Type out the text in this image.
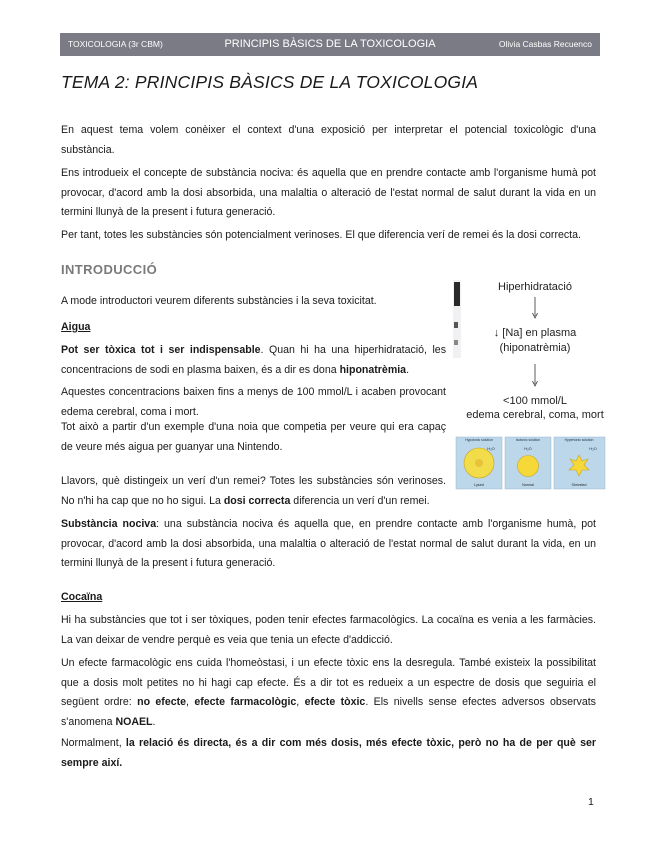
TOXICOLOGIA (3r CBM)	PRINCIPIS BÀSICS DE LA TOXICOLOGIA	Olivia Casbas Recuenco
TEMA 2: PRINCIPIS BÀSICS DE LA TOXICOLOGIA

En aquest tema volem conèixer el context d'una exposició per interpretar el potencial toxicològic d'una substància.

Ens introdueix el concepte de substància nociva: és aquella que en prendre contacte amb l'organisme humà pot provocar, d'acord amb la dosi absorbida, una malaltia o alteració de l'estat normal de salut durant la vida en un termini llunyà de la present i futura generació.

Per tant, totes les substàncies són potencialment verinoses. El que diferencia verí de remei és la dosi correcta.

INTRODUCCIÓ

A mode introductori veurem diferents substàncies i la seva toxicitat.

Aigua

Pot ser tòxica tot i ser indispensable. Quan hi ha una hiperhidratació, les concentracions de sodi en plasma baixen, és a dir es dona hiponatrèmia.

Aquestes concentracions baixen fins a menys de 100 mmol/L i acaben provocant edema cerebral, coma i mort.

Tot això a partir d'un exemple d'una noia que competia per veure qui era capaç de veure més aigua per guanyar una Nintendo.

Llavors, què distingeix un verí d'un remei? Totes les substàncies són verinoses. No n'hi ha cap que no ho sigui. La dosi correcta diferencia un verí d'un remei.

Substància nociva: una substància nociva és aquella que, en prendre contacte amb l'organisme humà, pot provocar, d'acord amb la dosi absorbida, una malaltia o alteració de l'estat normal de salut durant la vida, en un termini llunyà de la present i futura generació.

Cocaïna

Hi ha substàncies que tot i ser tòxiques, poden tenir efectes farmacològics. La cocaïna es venia a les farmàcies. La van deixar de vendre perquè es veia que tenia un efecte d'addicció.

Un efecte farmacològic ens cuida l'homeòstasi, i un efecte tòxic ens la desregula. També existeix la possibilitat que a dosis molt petites no hi hagi cap efecte. És a dir tot es redueix a un espectre de dosis que seguiria el següent ordre: no efecte, efecte farmacològic, efecte tòxic. Els nivells sense efectes adversos observats s'anomena NOAEL.

Normalment, la relació és directa, és a dir com més dosis, més efecte tòxic, però no ha de per què ser sempre així.

Hiperhidratació
↓ [Na] en plasma
(hiponatrèmia)
<100 mmol/L
edema cerebral, coma, mort
Hypotonic solution
H₂O
Lysed
Isotonic solution
H₂O
Normal
Hypertonic solution
H₂O
Shriveled
1
